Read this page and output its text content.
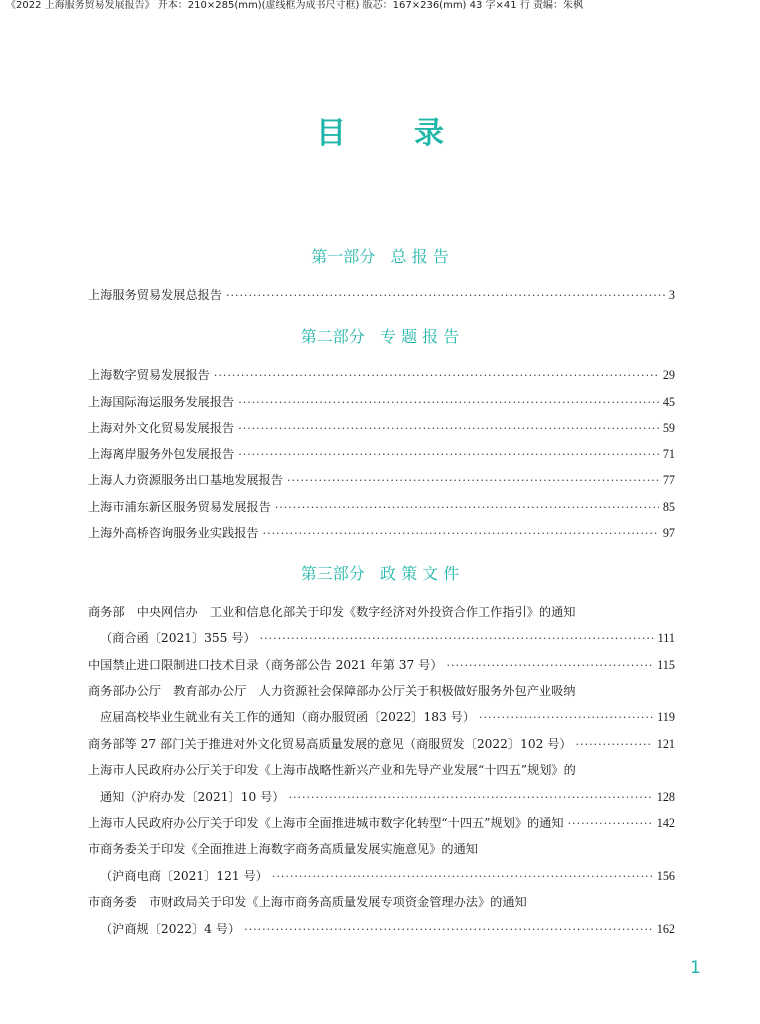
《2022 上海服务贸易发展报告》 开本：210×285(mm)(虚线框为成书尺寸框) 版芯：167×236(mm) 43 字×41 行 责编：朱枫
目录
第一部分   总 报 告
上海服务贸易发展总报告 ·····	3
第二部分   专 题 报 告
上海数字贸易发展报告 ·····	29
上海国际海运服务发展报告 ·····	45
上海对外文化贸易发展报告 ·····	59
上海离岸服务外包发展报告 ·····	71
上海人力资源服务出口基地发展报告 ·····	77
上海市浦东新区服务贸易发展报告 ·····	85
上海外高桥咨询服务业实践报告 ·····	97
第三部分   政 策 文 件
商务部　中央网信办　工业和信息化部关于印发《数字经济对外投资合作工作指引》的通知
（商合函〔2021〕355 号） ·····	111
中国禁止进口限制进口技术目录（商务部公告 2021 年第 37 号） ·····	115
商务部办公厅　教育部办公厅　人力资源社会保障部办公厅关于积极做好服务外包产业吸纳
应届高校毕业生就业有关工作的通知（商办服贸函〔2022〕183 号） ·····	119
商务部等 27 部门关于推进对外文化贸易高质量发展的意见（商服贸发〔2022〕102 号） ·····	121
上海市人民政府办公厅关于印发《上海市战略性新兴产业和先导产业发展“十四五”规划》的
通知（沪府办发〔2021〕10 号） ·····	128
上海市人民政府办公厅关于印发《上海市全面推进城市数字化转型“十四五”规划》的通知 ·····	142
市商务委关于印发《全面推进上海数字商务高质量发展实施意见》的通知
（沪商电商〔2021〕121 号） ·····	156
市商务委　市财政局关于印发《上海市商务高质量发展专项资金管理办法》的通知
（沪商规〔2022〕4 号） ·····	162
1
